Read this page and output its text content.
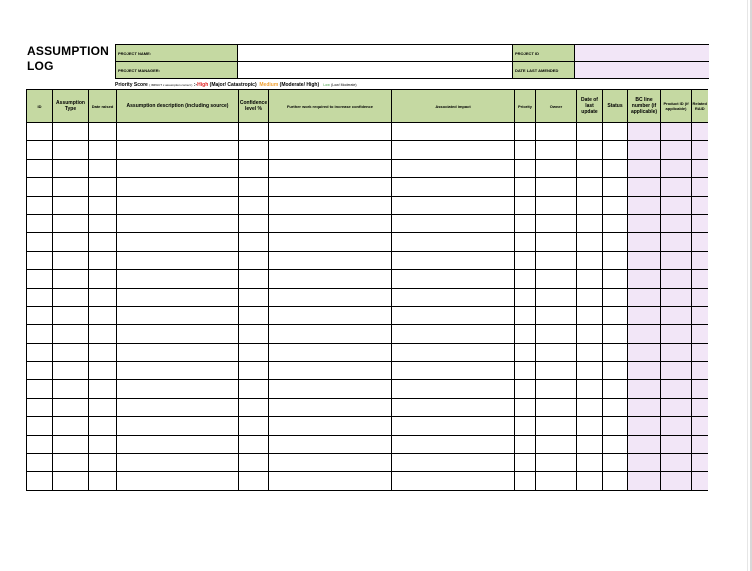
ASSUMPTION
LOG
PROJECT NAME:		PROJECT ID	
PROJECT MANAGER:		DATE LAST AMENDED	
Priority Score ( IMPACT x assumption correct ) :-High (Major/ Catastropic) Medium (Moderate/ High) Low (Low/ Moderate)
ID	Assumption Type	Date raised	Assumption description (including source)	Confidence level %	Further work required to increase confidence	Associated impact	Priority	Owner	Date of last update	Status	BC line number (if applicable)	Product ID (if applicable)	Related RAID
